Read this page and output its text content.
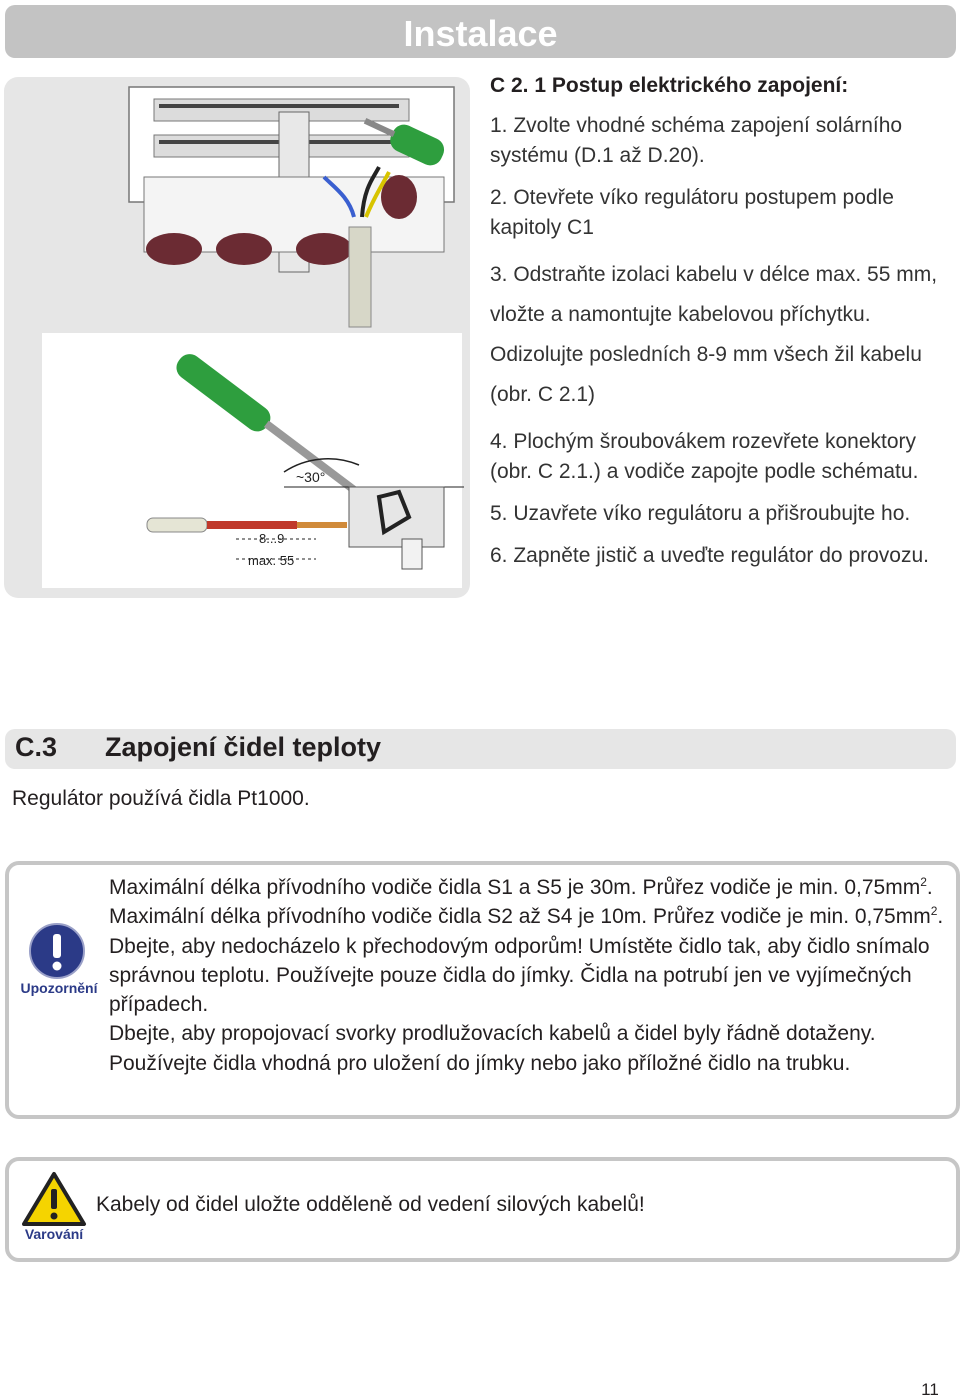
Instalace
~30°
8...9
max. 55
C 2. 1 Postup elektrického zapojení:
1. Zvolte vhodné schéma zapojení solárního systému (D.1 až D.20).
2. Otevřete víko regulátoru postupem podle kapitoly C1
3. Odstraňte izolaci kabelu v délce max. 55 mm, vložte a namontujte kabelovou příchytku. Odizolujte posledních 8-9 mm všech žil kabelu (obr. C 2.1)
4. Plochým šroubovákem rozevřete konektory (obr. C 2.1.) a vodiče zapojte podle schématu.
5. Uzavřete víko regulátoru a přišroubujte ho.
6. Zapněte jistič a uveďte regulátor do provozu.
C.3 Zapojení čidel teploty
Regulátor používá čidla Pt1000.
Upozornění
Maximální délka přívodního vodiče čidla S1 a S5 je 30m. Průřez vodiče je min. $0,75mm^2$. Maximální délka přívodního vodiče čidla S2 až S4 je 10m. Průřez vodiče je min. $0,75mm^2$. Dbejte, aby nedocházelo k přechodovým odporům! Umístěte čidlo tak, aby čidlo snímalo správnou teplotu. Používejte pouze čidla do jímky. Čidla na potrubí jen ve vyjímečných případech.
Dbejte, aby propojovací svorky prodlužovacích kabelů a čidel byly řádně dotaženy. Používejte čidla vhodná pro uložení do jímky nebo jako příložné čidlo na trubku.
Varování
Kabely od čidel uložte odděleně od vedení silových kabelů!
11
